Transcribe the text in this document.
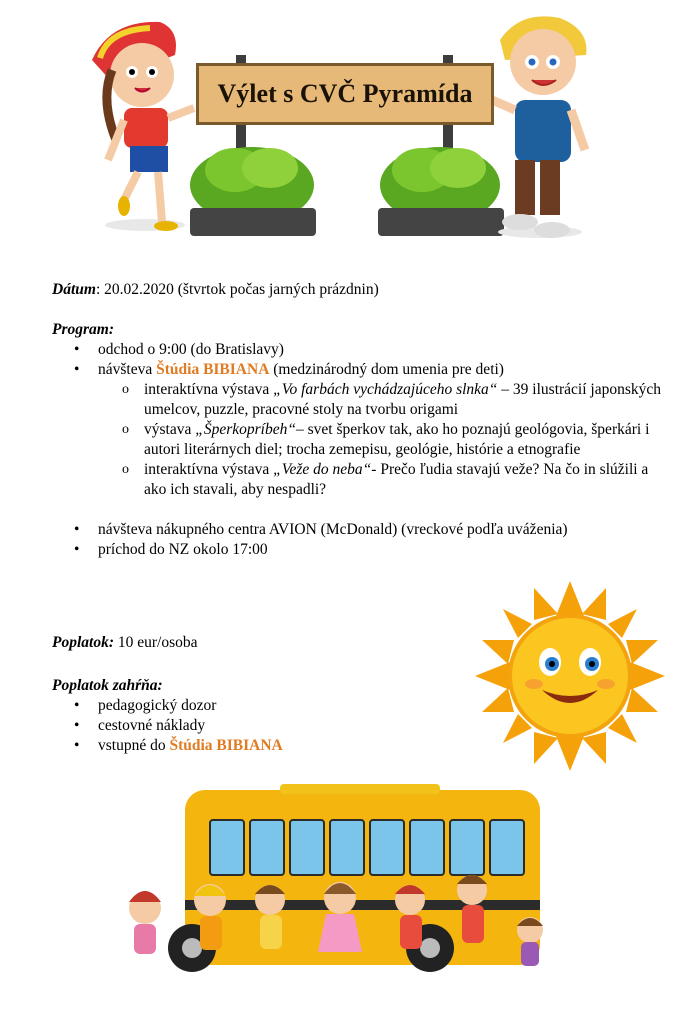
Výlet s CVČ Pyramída
Dátum: 20.02.2020 (štvrtok počas jarných prázdnin)
Program:
• odchod o 9:00 (do Bratislavy)
• návšteva Štúdia BIBIANA (medzinárodný dom umenia pre deti)
o interaktívna výstava „Vo farbách vychádzajúceho slnka“ – 39 ilustrácií japonských umelcov, puzzle, pracovné stoly na tvorbu origami
o výstava „Šperkopríbeh“– svet šperkov tak, ako ho poznajú geológovia, šperkári i autori literárnych diel; trocha zemepisu, geológie, histórie a etnografie
o interaktívna výstava „Veže do neba“- Prečo ľudia stavajú veže? Na čo in slúžili a ako ich stavali, aby nespadli?
• návšteva nákupného centra AVION (McDonald) (vreckové podľa uváženia)
• príchod do NZ okolo 17:00
Poplatok: 10 eur/osoba
Poplatok zahŕňa:
• pedagogický dozor
• cestovné náklady
• vstupné do Štúdia BIBIANA
